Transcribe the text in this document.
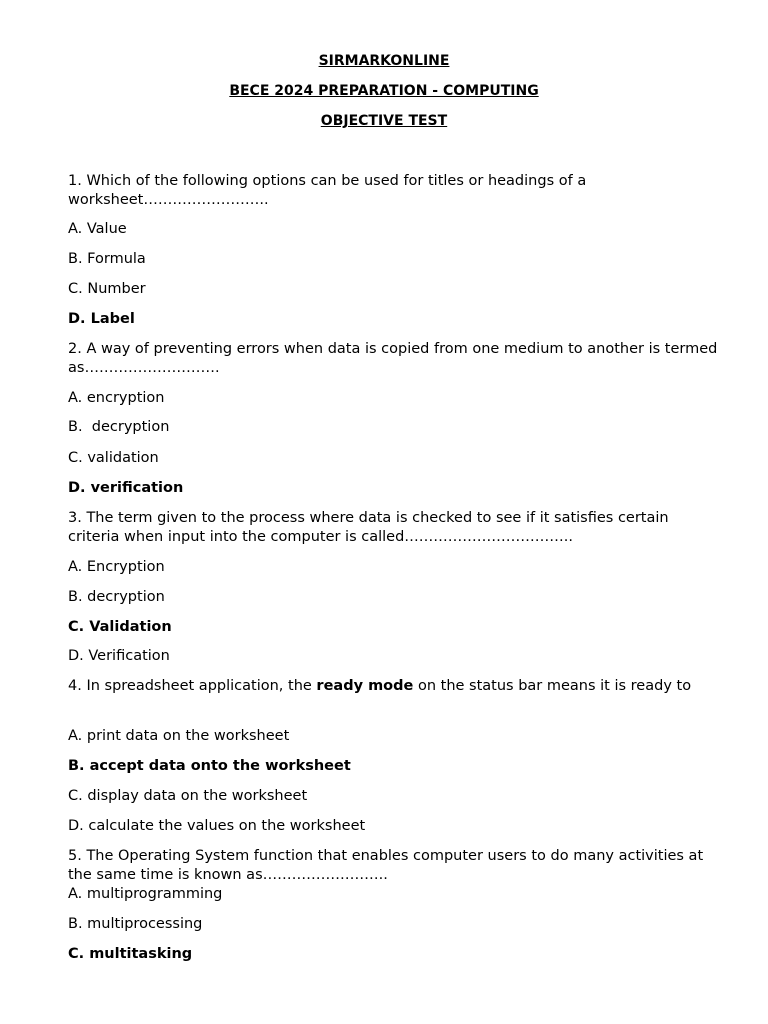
SIRMARKONLINE

BECE 2024 PREPARATION - COMPUTING

OBJECTIVE TEST

1. Which of the following options can be used for titles or headings of a worksheet……………………..

A. Value

B. Formula

C. Number

D. Label

2. A way of preventing errors when data is copied from one medium to another is termed as……………………….

A. encryption

B.  decryption

C. validation

D. verification

3. The term given to the process where data is checked to see if it satisfies certain criteria when input into the computer is called……………………………..

A. Encryption

B. decryption

C. Validation

D. Verification

4. In spreadsheet application, the ready mode on the status bar means it is ready to

A. print data on the worksheet

B. accept data onto the worksheet

C. display data on the worksheet

D. calculate the values on the worksheet

5. The Operating System function that enables computer users to do many activities at the same time is known as……………………..

A. multiprogramming

B. multiprocessing

C. multitasking
